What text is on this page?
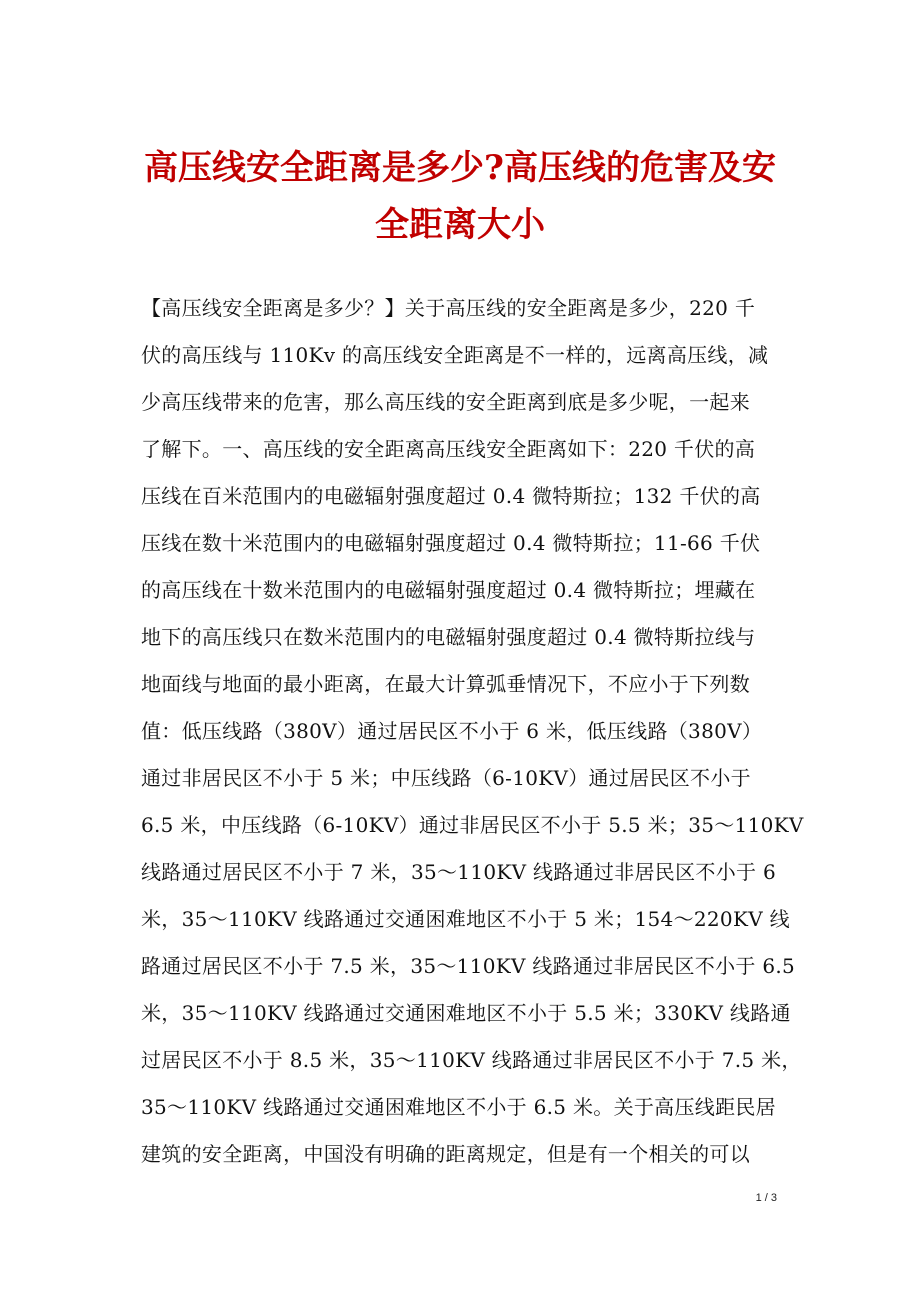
高压线安全距离是多少?高压线的危害及安
全距离大小
【高压线安全距离是多少？】关于高压线的安全距离是多少，220 千
伏的高压线与 110Kv 的高压线安全距离是不一样的，远离高压线，减
少高压线带来的危害，那么高压线的安全距离到底是多少呢，一起来
了解下。一、高压线的安全距离高压线安全距离如下：220 千伏的高
压线在百米范围内的电磁辐射强度超过 0.4 微特斯拉；132 千伏的高
压线在数十米范围内的电磁辐射强度超过 0.4 微特斯拉；11-66 千伏
的高压线在十数米范围内的电磁辐射强度超过 0.4 微特斯拉；埋藏在
地下的高压线只在数米范围内的电磁辐射强度超过 0.4 微特斯拉线与
地面线与地面的最小距离，在最大计算弧垂情况下，不应小于下列数
值：低压线路（380V）通过居民区不小于 6 米，低压线路（380V）
通过非居民区不小于 5 米；中压线路（6-10KV）通过居民区不小于
6.5 米，中压线路（6-10KV）通过非居民区不小于 5.5 米；35～110KV
线路通过居民区不小于 7 米，35～110KV 线路通过非居民区不小于 6
米，35～110KV 线路通过交通困难地区不小于 5 米；154～220KV 线
路通过居民区不小于 7.5 米，35～110KV 线路通过非居民区不小于 6.5
米，35～110KV 线路通过交通困难地区不小于 5.5 米；330KV 线路通
过居民区不小于 8.5 米，35～110KV 线路通过非居民区不小于 7.5 米，
35～110KV 线路通过交通困难地区不小于 6.5 米。关于高压线距民居
建筑的安全距离，中国没有明确的距离规定，但是有一个相关的可以
1 / 3
